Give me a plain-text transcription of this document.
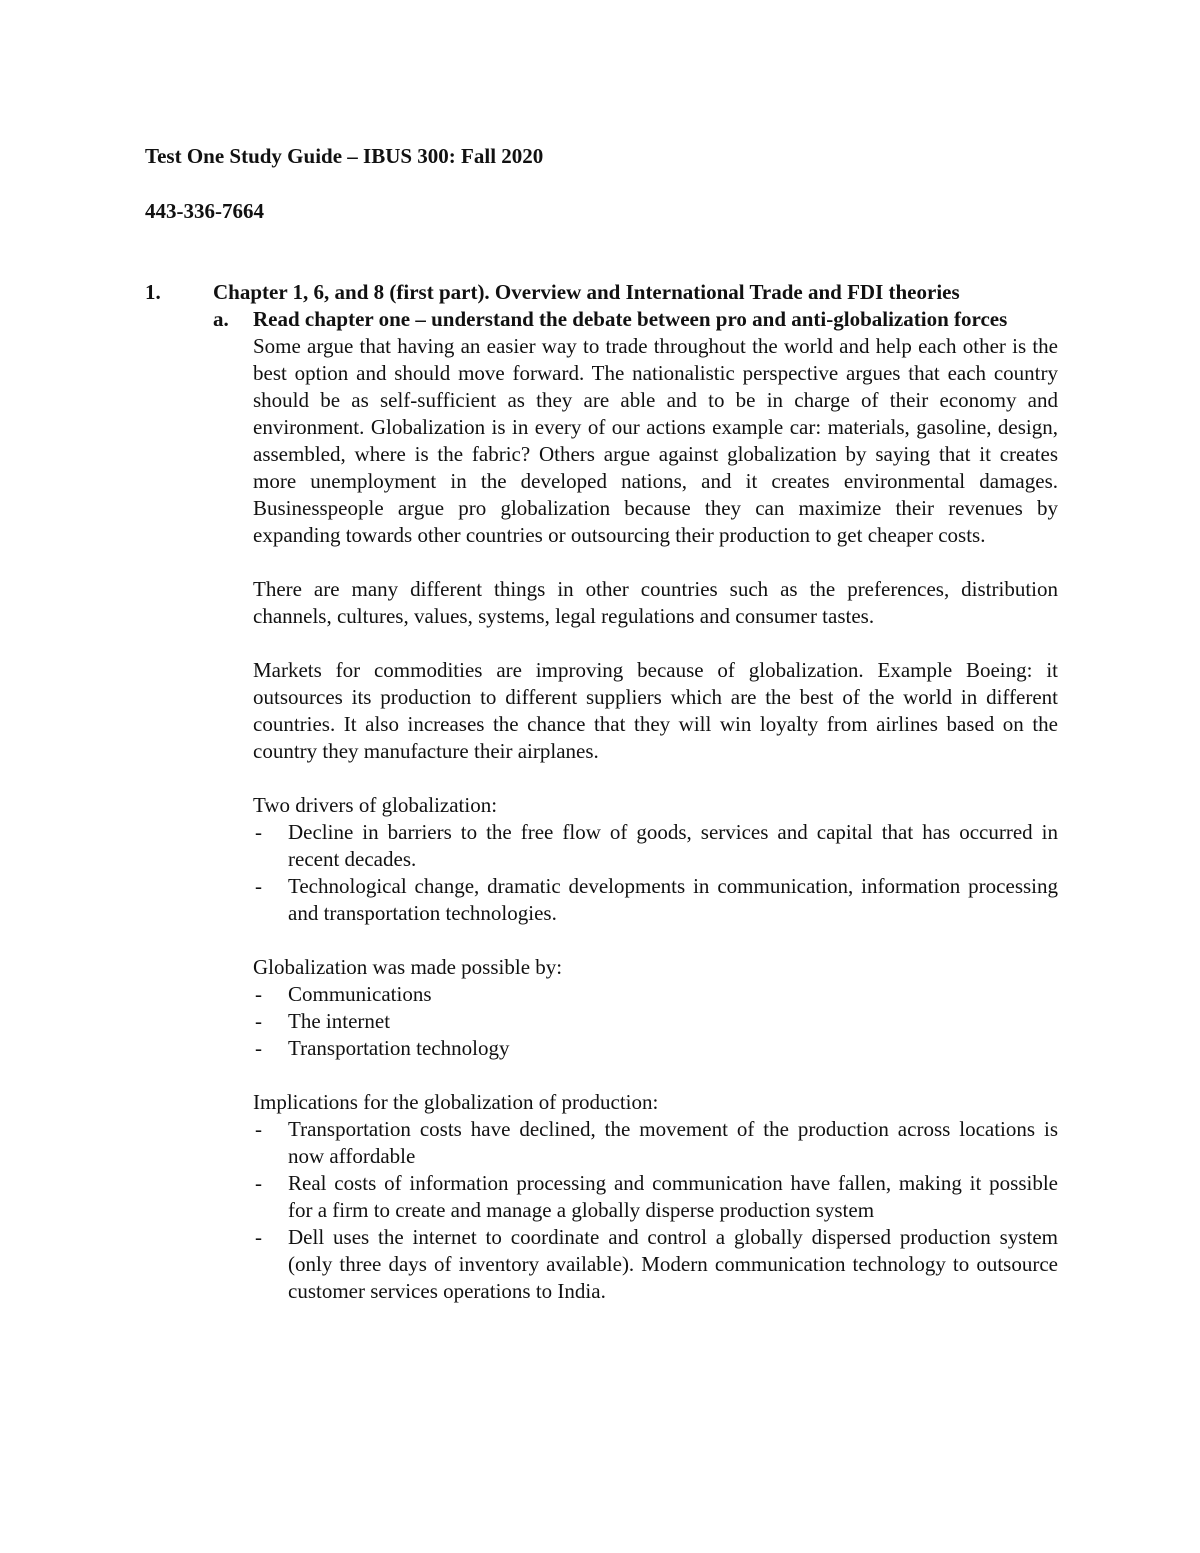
Test One Study Guide – IBUS 300: Fall 2020
443-336-7664
1. Chapter 1, 6, and 8 (first part). Overview and International Trade and FDI theories
a. Read chapter one – understand the debate between pro and anti-globalization forces

Some argue that having an easier way to trade throughout the world and help each other is the best option and should move forward. The nationalistic perspective argues that each country should be as self-sufficient as they are able and to be in charge of their economy and environment. Globalization is in every of our actions example car: materials, gasoline, design, assembled, where is the fabric? Others argue against globalization by saying that it creates more unemployment in the developed nations, and it creates environmental damages. Businesspeople argue pro globalization because they can maximize their revenues by expanding towards other countries or outsourcing their production to get cheaper costs.

There are many different things in other countries such as the preferences, distribution channels, cultures, values, systems, legal regulations and consumer tastes.

Markets for commodities are improving because of globalization. Example Boeing: it outsources its production to different suppliers which are the best of the world in different countries. It also increases the chance that they will win loyalty from airlines based on the country they manufacture their airplanes.

Two drivers of globalization:

- Decline in barriers to the free flow of goods, services and capital that has occurred in recent decades.
- Technological change, dramatic developments in communication, information processing and transportation technologies.

Globalization was made possible by:

- Communications
- The internet
- Transportation technology

Implications for the globalization of production:

- Transportation costs have declined, the movement of the production across locations is now affordable
- Real costs of information processing and communication have fallen, making it possible for a firm to create and manage a globally disperse production system
- Dell uses the internet to coordinate and control a globally dispersed production system (only three days of inventory available). Modern communication technology to outsource customer services operations to India.
